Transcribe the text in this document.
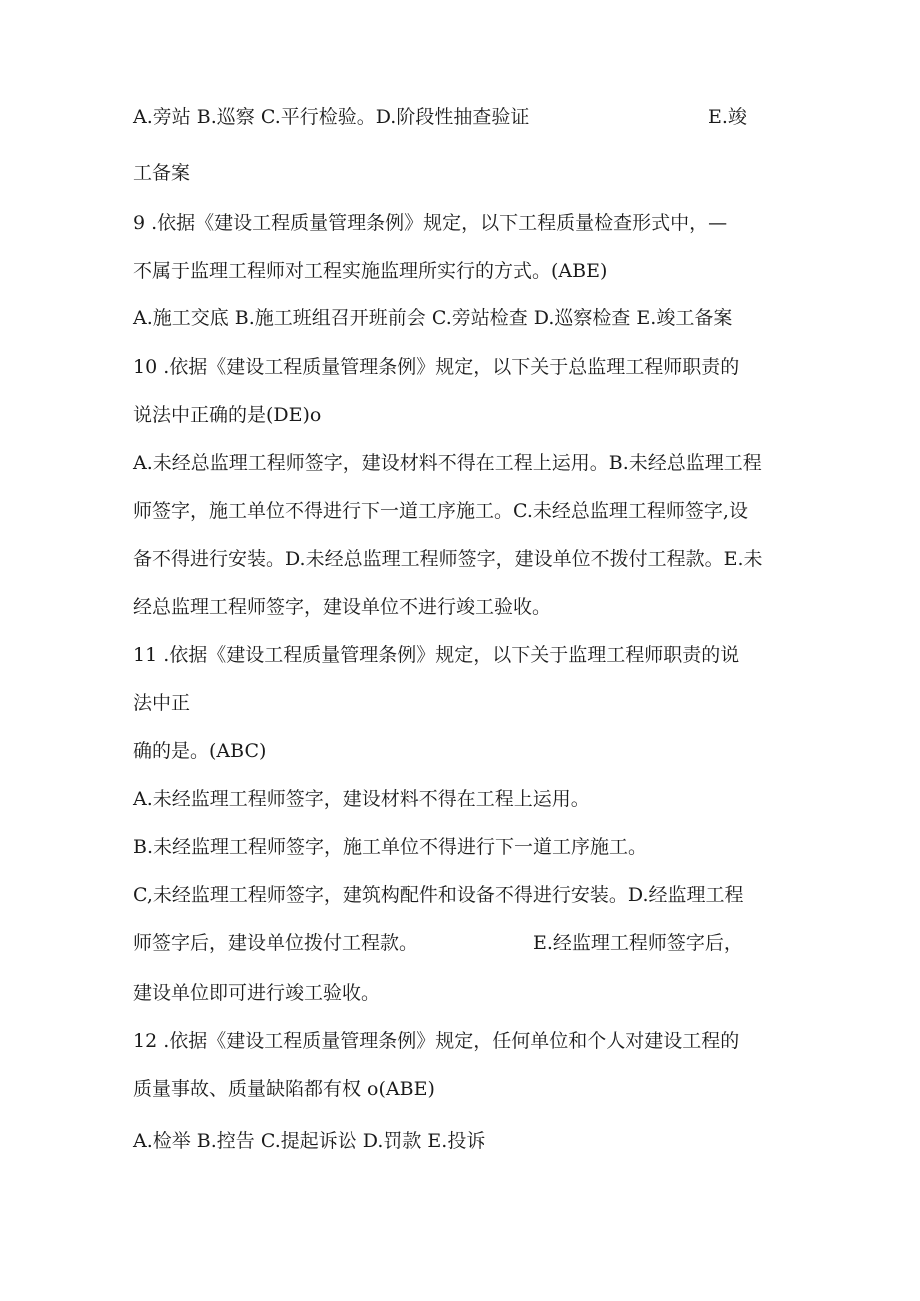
A.旁站 B.巡察 C.平行检验。D.阶段性抽查验证	E.竣

工备案

9 .依据《建设工程质量管理条例》规定，以下工程质量检查形式中，—

不属于监理工程师对工程实施监理所实行的方式。(ABE)

A.施工交底 B.施工班组召开班前会 C.旁站检查 D.巡察检查 E.竣工备案

10 .依据《建设工程质量管理条例》规定，以下关于总监理工程师职责的

说法中正确的是(DE)o

A.未经总监理工程师签字，建设材料不得在工程上运用。B.未经总监理工程

师签字，施工单位不得进行下一道工序施工。C.未经总监理工程师签字,设

备不得进行安装。D.未经总监理工程师签字，建设单位不拨付工程款。E.未

经总监理工程师签字，建设单位不进行竣工验收。

11 .依据《建设工程质量管理条例》规定，以下关于监理工程师职责的说

法中正

确的是。(ABC)

A.未经监理工程师签字，建设材料不得在工程上运用。

B.未经监理工程师签字，施工单位不得进行下一道工序施工。

C,未经监理工程师签字，建筑构配件和设备不得进行安装。D.经监理工程

师签字后，建设单位拨付工程款。	E.经监理工程师签字后，

建设单位即可进行竣工验收。

12 .依据《建设工程质量管理条例》规定，任何单位和个人对建设工程的

质量事故、质量缺陷都有权 o(ABE)

A.检举 B.控告 C.提起诉讼 D.罚款 E.投诉
